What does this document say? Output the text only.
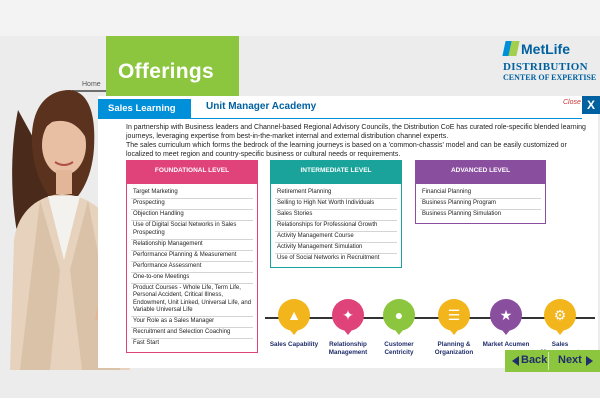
Offerings
Home
MetLife
DISTRIBUTION
CENTER OF EXPERTISE
Sales Learning	Unit Manager Academy	Close X

In partnership with Business leaders and Channel-based Regional Advisory Councils, the Distribution CoE has curated role-specific blended learning journeys, leveraging expertise from best-in-the-market internal and external distribution channel experts.

The sales curriculum which forms the bedrock of the learning journeys is based on a 'common-chassis' model and can be easily customized or localized to meet region and country-specific business or cultural needs or requirements.

FOUNDATIONAL LEVEL
Target Marketing
Prospecting
Objection Handling
Use of Digital Social Networks in Sales Prospecting
Relationship Management
Performance Planning & Measurement
Performance Assessment
One-to-one Meetings
Product Courses - Whole Life, Term Life, Personal Accident, Critical Illness, Endowment, Unit Linked, Universal Life, and Variable Universal Life
Your Role as a Sales Manager
Recruitment and Selection Coaching
Fast Start
INTERMEDIATE LEVEL
Retirement Planning
Selling to High Net Worth Individuals
Sales Stories
Relationships for Professional Growth
Activity Management Course
Activity Management Simulation
Use of Social Networks in Recruitment
ADVANCED LEVEL
Financial Planning
Business Planning Program
Business Planning Simulation
▲
Sales Capability
✦
Relationship Management
●
Customer Centricity
☰
Planning & Organization
★
Market Acumen
⚙
Sales
Back Next
